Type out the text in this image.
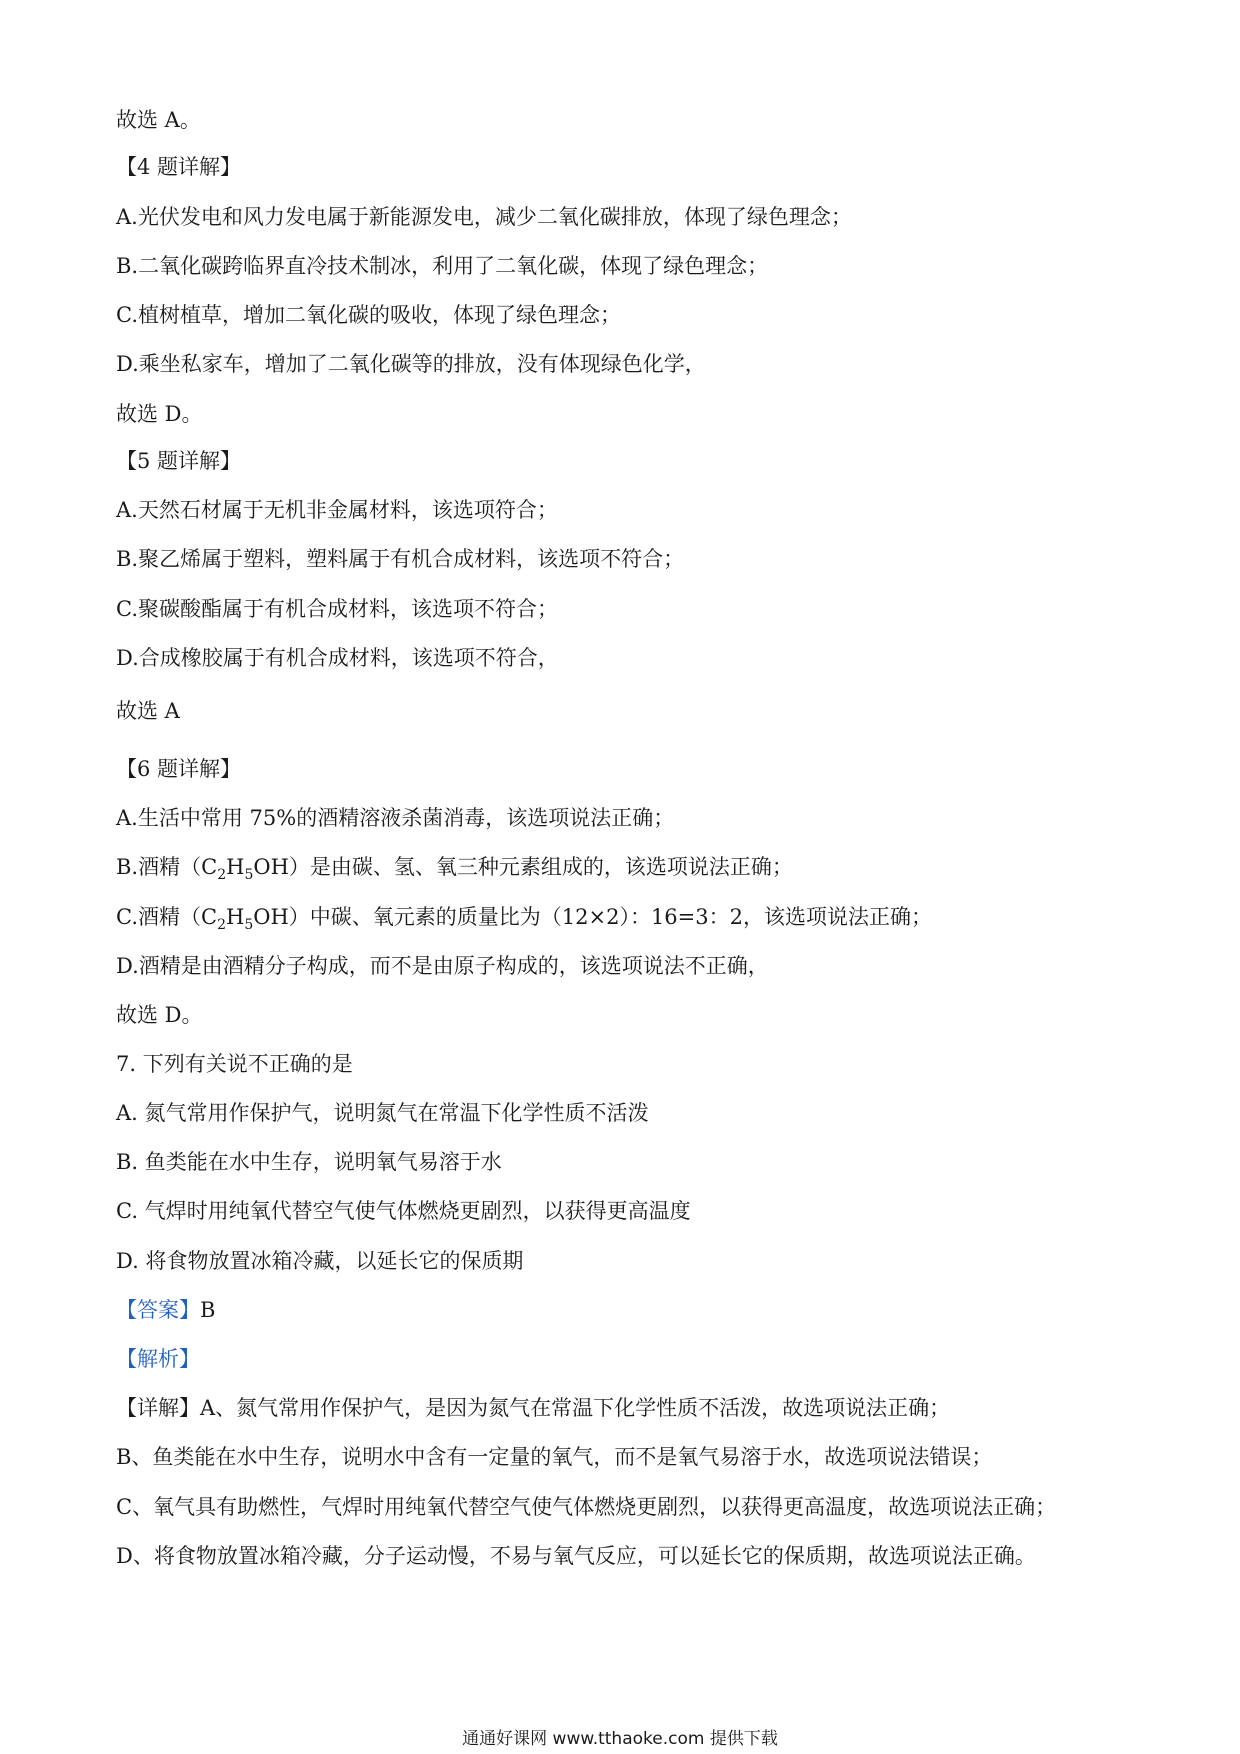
故选 A。
【4 题详解】
A.光伏发电和风力发电属于新能源发电，减少二氧化碳排放，体现了绿色理念；
B.二氧化碳跨临界直冷技术制冰，利用了二氧化碳，体现了绿色理念；
C.植树植草，增加二氧化碳的吸收，体现了绿色理念；
D.乘坐私家车，增加了二氧化碳等的排放，没有体现绿色化学，
故选 D。
【5 题详解】
A.天然石材属于无机非金属材料，该选项符合；
B.聚乙烯属于塑料，塑料属于有机合成材料，该选项不符合；
C.聚碳酸酯属于有机合成材料，该选项不符合；
D.合成橡胶属于有机合成材料，该选项不符合，
故选 A
【6 题详解】
A.生活中常用 75%的酒精溶液杀菌消毒，该选项说法正确；
B.酒精$(C_2H_5OH)$是由碳、氢、氧三种元素组成的，该选项说法正确；
C.酒精$(C_2H_5OH)$中碳、氧元素的质量比为（12×2）：16=3：2，该选项说法正确；
D.酒精是由酒精分子构成，而不是由原子构成的，该选项说法不正确，
故选 D。
7. 下列有关说不正确的是
A. 氮气常用作保护气，说明氮气在常温下化学性质不活泼
B. 鱼类能在水中生存，说明氧气易溶于水
C. 气焊时用纯氧代替空气使气体燃烧更剧烈，以获得更高温度
D. 将食物放置冰箱冷藏，以延长它的保质期
【答案】B
【解析】
【详解】A、氮气常用作保护气，是因为氮气在常温下化学性质不活泼，故选项说法正确；
B、鱼类能在水中生存，说明水中含有一定量的氧气，而不是氧气易溶于水，故选项说法错误；
C、氧气具有助燃性，气焊时用纯氧代替空气使气体燃烧更剧烈，以获得更高温度，故选项说法正确；
D、将食物放置冰箱冷藏，分子运动慢，不易与氧气反应，可以延长它的保质期，故选项说法正确。
通通好课网 www.tthaoke.com 提供下载
